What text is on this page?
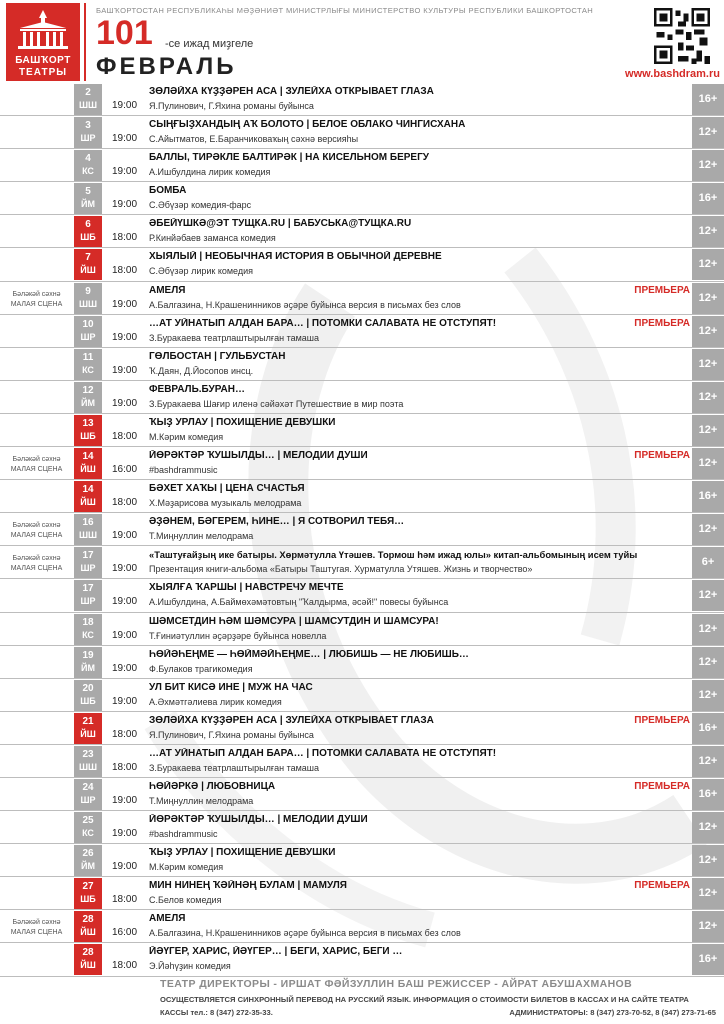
БАШҠОРТ
ТЕАТРЫ
БАШҠОРТОСТАН РЕСПУБЛИКАҺЫ МӘҘӘНИӘТ МИНИСТРЛЫҒЫ МИНИСТЕРСТВО КУЛЬТУРЫ РЕСПУБЛИКИ БАШКОРТОСТАН
101 -се ижад миҙгеле
ФЕВРАЛЬ	www.bashdram.ru
2
ШШ	19:00
ЗӨЛӘЙХА КҮҘҘӘРЕН АСА | ЗУЛЕЙХА ОТКРЫВАЕТ ГЛАЗА
Я.Пулинович, Г.Яхина романы буйынса
16+
3
ШР	19:00
СЫҢҒЫҘХАНДЫҢ АҠ БОЛОТО | БЕЛОЕ ОБЛАКО ЧИНГИСХАНА
С.Айытматов, Е.Баранчиковаҡың сәхнә версияһы
12+
4
КС	19:00
БАЛЛЫ, ТИРӘКЛЕ БАЛТИРӘК | НА КИСЕЛЬНОМ БЕРЕГУ
А.Ишбулдина лирик комедия
12+
5
ЙМ	19:00
БОМБА
С.Әбүзәр комедия-фарс
16+
6
ШБ	18:00
ӘБЕЙҮШКӘ@ЭТ ТУЩКА.RU | БАБУСЬКА@ТУЩКА.RU
Р.Кинйәбаев заманса комедия
12+
7
ЙШ	18:00
ХЫЯЛЫЙ | НЕОБЫЧНАЯ ИСТОРИЯ В ОБЫЧНОЙ ДЕРЕВНЕ
С.Әбүзәр лирик комедия
12+
Бәләкәй сәхнә
МАЛАЯ СЦЕНА
9
ШШ	19:00
АМЕЛЯ
А.Балгазина, Н.Крашенинников әҫәре буйынса версия в письмах без слов
ПРЕМЬЕРА
12+
10
ШР	19:00
…АТ УЙНАТЫП АЛДАН БАРА… | ПОТОМКИ САЛАВАТА НЕ ОТСТУПЯТ!
З.Буракаева театрлаштырылған тамаша
ПРЕМЬЕРА
12+
11
КС	19:00
ГӨЛБОСТАН | ГУЛЬБУСТАН
Ҡ.Даян, Д.Йосопов инсц.
12+
12
ЙМ	19:00
ФЕВРАЛЬ.БУРАН…
З.Буракаева Шағир иленә сәйәхәт Путешествие в мир поэта
12+
13
ШБ	18:00
ҠЫҘ УРЛАУ | ПОХИЩЕНИЕ ДЕВУШКИ
М.Кәрим комедия
12+
Бәләкәй сәхнә
МАЛАЯ СЦЕНА
14
ЙШ	16:00
ЙӨРӘКТӘР ҠУШЫЛДЫ… | МЕЛОДИИ ДУШИ
#bashdrammusic
ПРЕМЬЕРА
12+
14
ЙШ	18:00
БӘХЕТ ХАҠЫ | ЦЕНА СЧАСТЬЯ
Х.Мәҙарисова музыкаль мелодрама
16+
Бәләкәй сәхнә
МАЛАЯ СЦЕНА
16
ШШ	19:00
ӘҘӘНЕМ, БӘГЕРЕМ, ҺИНЕ… | Я СОТВОРИЛ ТЕБЯ…
Т.Миңнуллин мелодрама
12+
Бәләкәй сәхнә
МАЛАЯ СЦЕНА
17
ШР	19:00
«Таштуғайҙың ике батыры. Хөрмәтулла Үтәшев. Тормош һәм ижад юлы» китап-альбомының исем туйы
Презентация книги-альбома «Батыры Таштугая. Хурматулла Утяшев. Жизнь и творчество»
6+
17
ШР	19:00
ХЫЯЛҒА ҠАРШЫ | НАВСТРЕЧУ МЕЧТЕ
А.Ишбулдина, А.Баймөхәмәтовтың "Ҡалдырма, әсәй!" повесы буйынса
12+
18
КС	19:00
ШӘМСЕТДИН ҺӘМ ШӘМСУРА | ШАМСУТДИН И ШАМСУРА!
Т.Ғиниәтуллин әҫәрҙәре буйынса новелла
12+
19
ЙМ	19:00
ҺӨЙӘҺЕҢМЕ — ҺӨЙМӘЙҺЕҢМЕ… | ЛЮБИШЬ — НЕ ЛЮБИШЬ…
Ф.Булаков трагикомедия
12+
20
ШБ	19:00
УЛ БИТ КИСӘ ИНЕ | МУЖ НА ЧАС
А.Әхмәтгәлиева лирик комедия
12+
21
ЙШ	18:00
ЗӨЛӘЙХА КҮҘҘӘРЕН АСА | ЗУЛЕЙХА ОТКРЫВАЕТ ГЛАЗА
Я.Пулинович, Г.Яхина романы буйынса
ПРЕМЬЕРА
16+
23
ШШ	18:00
…АТ УЙНАТЫП АЛДАН БАРА… | ПОТОМКИ САЛАВАТА НЕ ОТСТУПЯТ!
З.Буракаева театрлаштырылған тамаша
12+
24
ШР	19:00
ҺӨЙӘРКӘ | ЛЮБОВНИЦА
Т.Миңнуллин мелодрама
ПРЕМЬЕРА
16+
25
КС	19:00
ЙӨРӘКТӘР ҠУШЫЛДЫ… | МЕЛОДИИ ДУШИ
#bashdrammusic
12+
26
ЙМ	19:00
ҠЫҘ УРЛАУ | ПОХИЩЕНИЕ ДЕВУШКИ
М.Кәрим комедия
12+
27
ШБ	18:00
МИН НИНЕҢ ҠӘЙНӘҢ БУЛАМ | МАМУЛЯ
С.Белов комедия
ПРЕМЬЕРА
12+
Бәләкәй сәхнә
МАЛАЯ СЦЕНА
28
ЙШ	16:00
АМЕЛЯ
А.Балгазина, Н.Крашенинников әҫәре буйынса версия в письмах без слов
12+
28
ЙШ	18:00
ЙӘҮГЕР, ХАРИС, ЙӘҮГЕР… | БЕГИ, ХАРИС, БЕГИ …
Э.Йәһүҙин комедия
16+
ТЕАТР ДИРЕКТОРЫ - ИРШАТ ФӘЙЗУЛЛИН БАШ РЕЖИССЕР - АЙРАТ АБУШАХМАНОВ
ОСУЩЕСТВЛЯЕТСЯ СИНХРОННЫЙ ПЕРЕВОД НА РУССКИЙ ЯЗЫК. ИНФОРМАЦИЯ О СТОИМОСТИ БИЛЕТОВ В КАССАХ И НА САЙТЕ ТЕАТРА
КАССЫ тел.: 8 (347) 272-35-33.	АДМИНИСТРАТОРЫ: 8 (347) 273-70-52, 8 (347) 273-71-65
